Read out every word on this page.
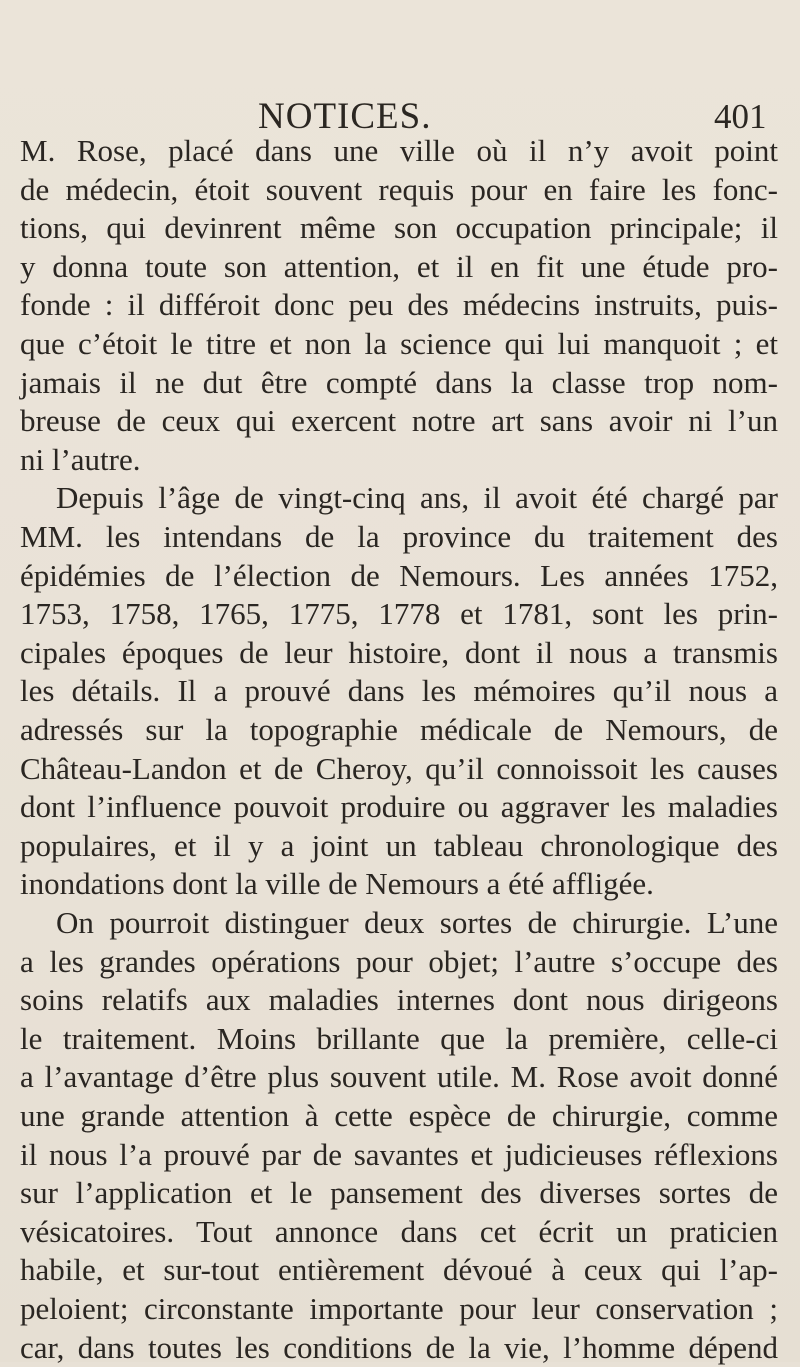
NOTICES.	401
M. Rose, placé dans une ville où il n’y avoit point
de médecin, étoit souvent requis pour en faire les fonc-
tions, qui devinrent même son occupation principale; il
y donna toute son attention, et il en fit une étude pro-
fonde : il différoit donc peu des médecins instruits, puis-
que c’étoit le titre et non la science qui lui manquoit ; et
jamais il ne dut être compté dans la classe trop nom-
breuse de ceux qui exercent notre art sans avoir ni l’un
ni l’autre.
Depuis l’âge de vingt-cinq ans, il avoit été chargé par
MM. les intendans de la province du traitement des
épidémies de l’élection de Nemours. Les années 1752,
1753, 1758, 1765, 1775, 1778 et 1781, sont les prin-
cipales époques de leur histoire, dont il nous a transmis
les détails. Il a prouvé dans les mémoires qu’il nous a
adressés sur la topographie médicale de Nemours, de
Château-Landon et de Cheroy, qu’il connoissoit les causes
dont l’influence pouvoit produire ou aggraver les maladies
populaires, et il y a joint un tableau chronologique des
inondations dont la ville de Nemours a été affligée.
On pourroit distinguer deux sortes de chirurgie. L’une
a les grandes opérations pour objet; l’autre s’occupe des
soins relatifs aux maladies internes dont nous dirigeons
le traitement. Moins brillante que la première, celle-ci
a l’avantage d’être plus souvent utile. M. Rose avoit donné
une grande attention à cette espèce de chirurgie, comme
il nous l’a prouvé par de savantes et judicieuses réflexions
sur l’application et le pansement des diverses sortes de
vésicatoires. Tout annonce dans cet écrit un praticien
habile, et sur-tout entièrement dévoué à ceux qui l’ap-
peloient; circonstante importante pour leur conservation ;
car, dans toutes les conditions de la vie, l’homme dépend
